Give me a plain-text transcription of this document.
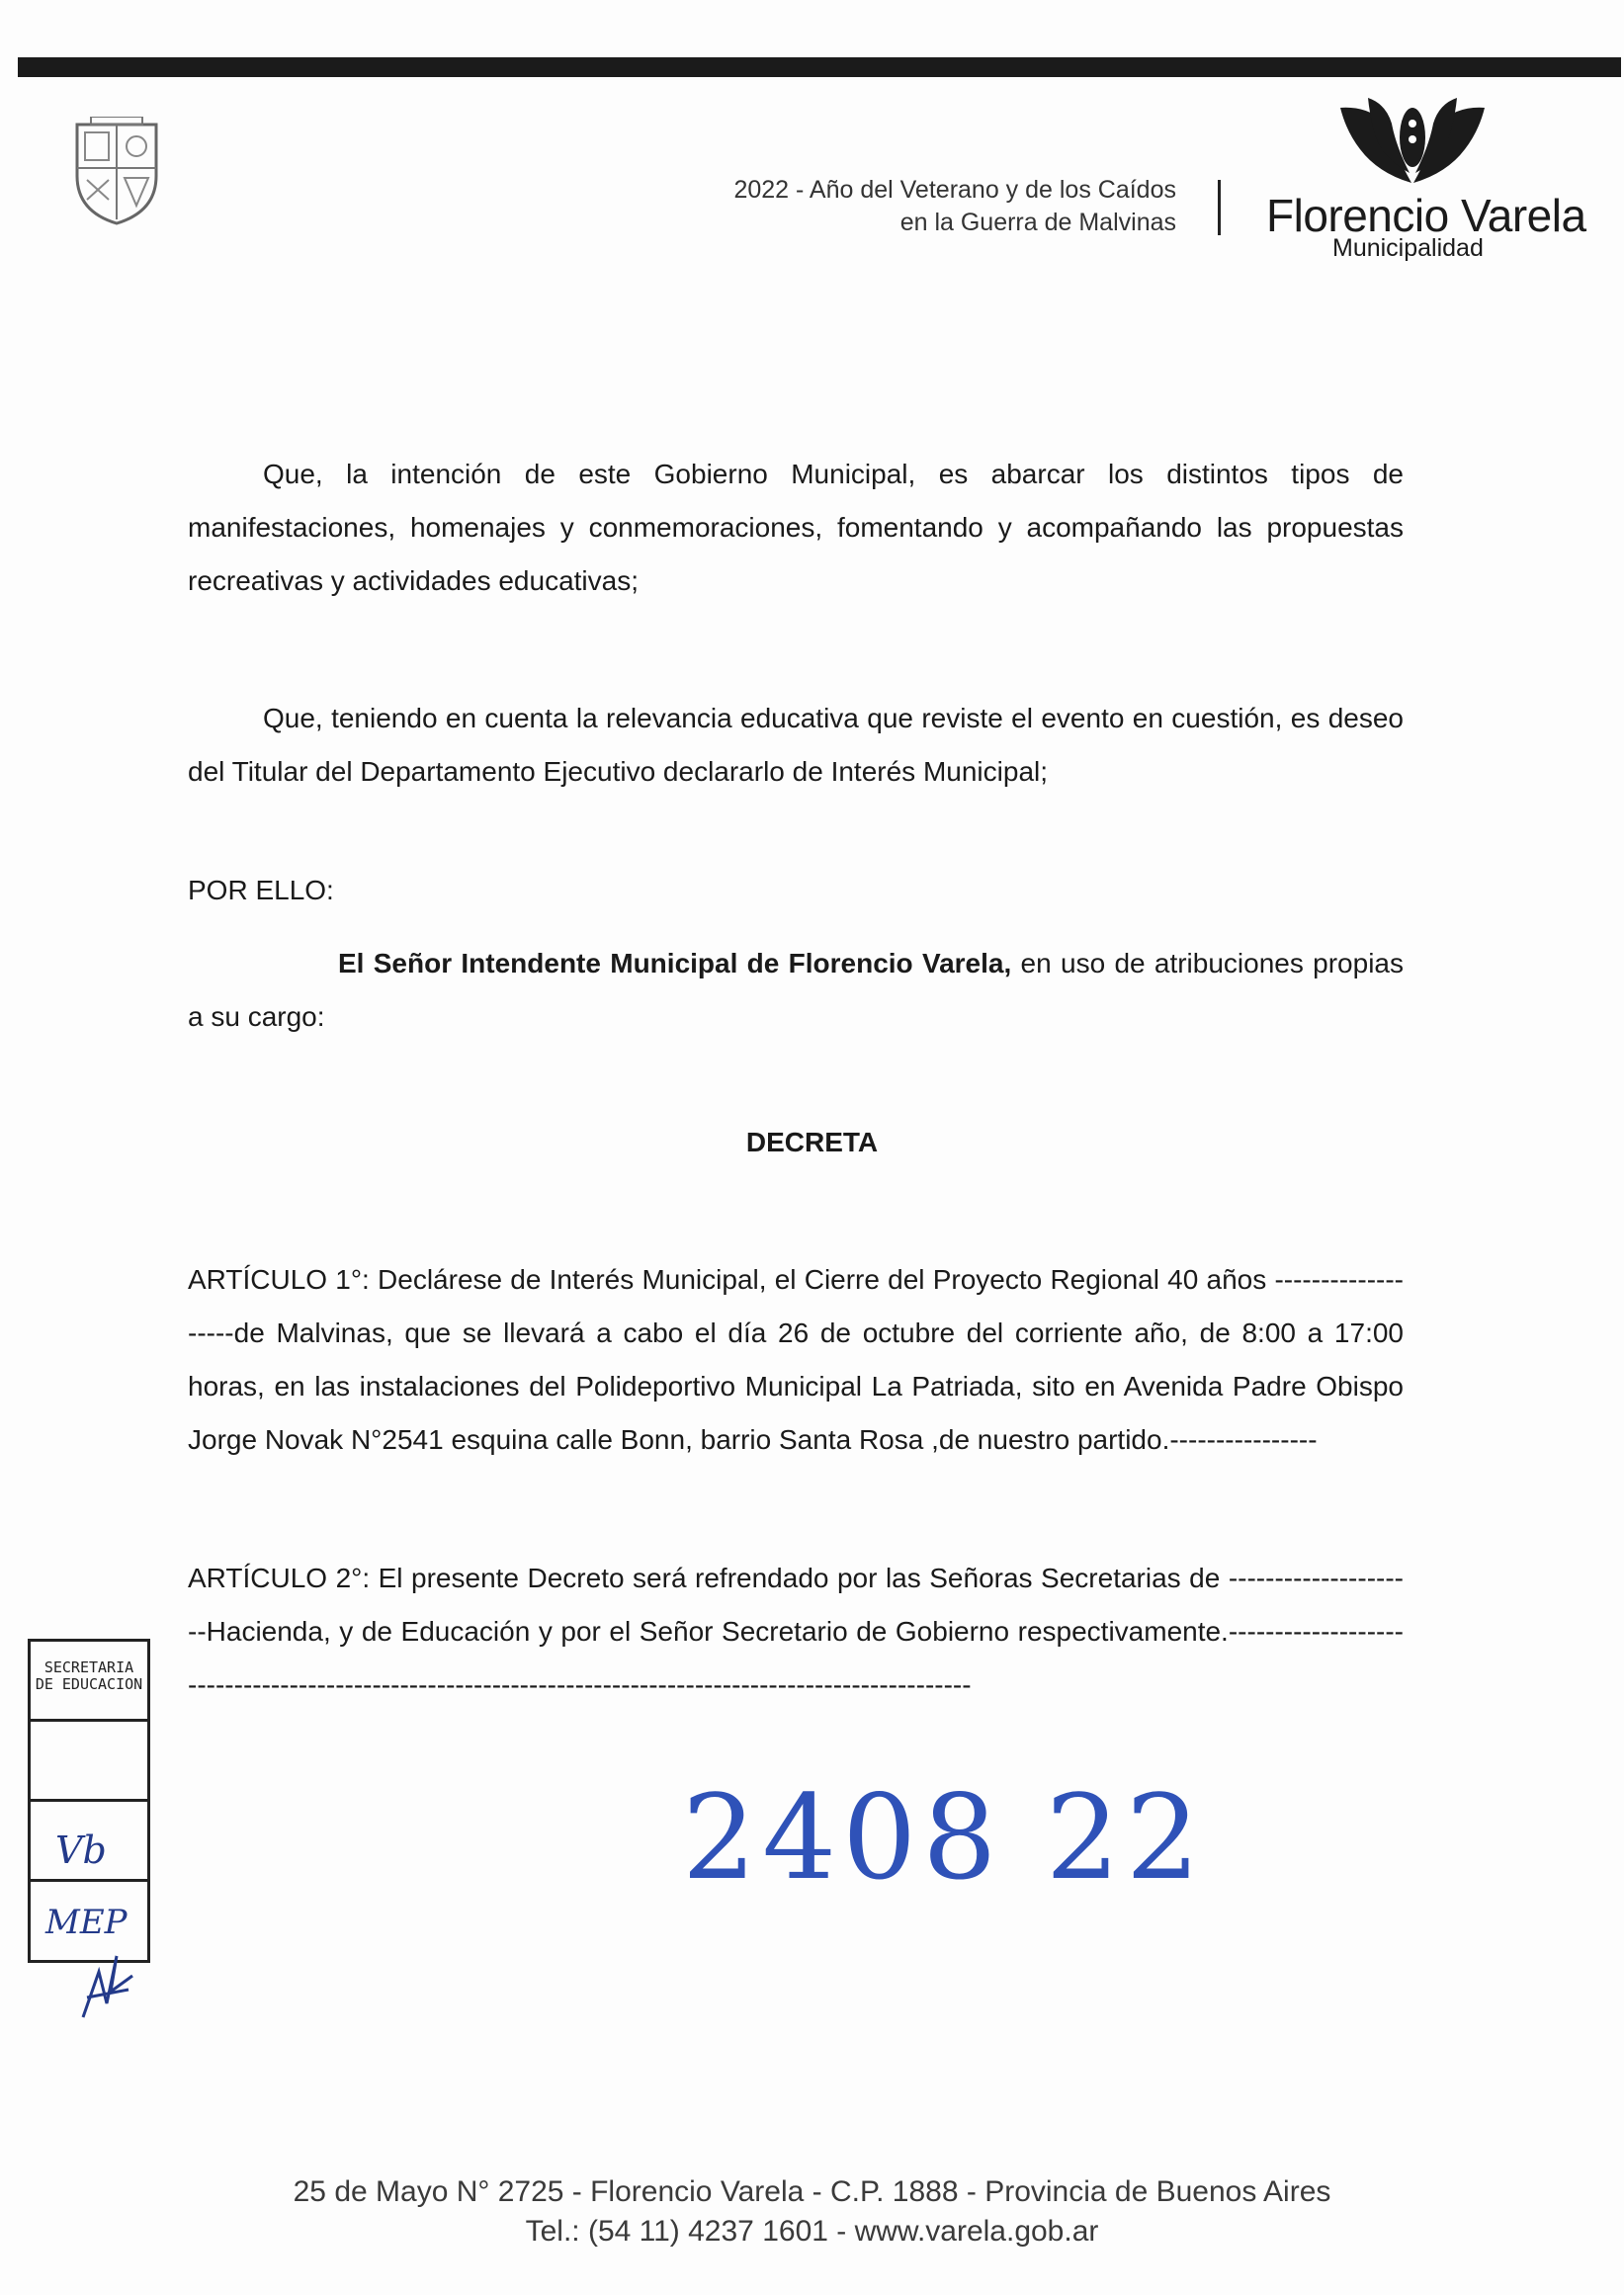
2022 - Año del Veterano y de los Caídos
en la Guerra de Malvinas Florencio Varela
Municipalidad

Que, la intención de este Gobierno Municipal, es abarcar los distintos tipos de manifestaciones, homenajes y conmemoraciones, fomentando y acompañando las propuestas recreativas y actividades educativas;

Que, teniendo en cuenta la relevancia educativa que reviste el evento en cuestión, es deseo del Titular del Departamento Ejecutivo declararlo de Interés Municipal;

POR ELLO:

El Señor Intendente Municipal de Florencio Varela, en uso de atribuciones propias a su cargo:

DECRETA

ARTÍCULO 1°: Declárese de Interés Municipal, el Cierre del Proyecto Regional 40 años -------------------de Malvinas, que se llevará a cabo el día 26 de octubre del corriente año, de 8:00 a 17:00 horas, en las instalaciones del Polideportivo Municipal La Patriada, sito en Avenida Padre Obispo Jorge Novak N°2541 esquina calle Bonn, barrio Santa Rosa ,de nuestro partido.----------------

ARTÍCULO 2°: El presente Decreto será refrendado por las Señoras Secretarias de ---------------------Hacienda, y de Educación y por el Señor Secretario de Gobierno respectivamente.--------------------------------------------------------------------------------------------------------

SECRETARIA
DE EDUCACION
Vb
MEP
2408 22
25 de Mayo N° 2725 - Florencio Varela - C.P. 1888 - Provincia de Buenos Aires
Tel.: (54 11) 4237 1601 - www.varela.gob.ar
